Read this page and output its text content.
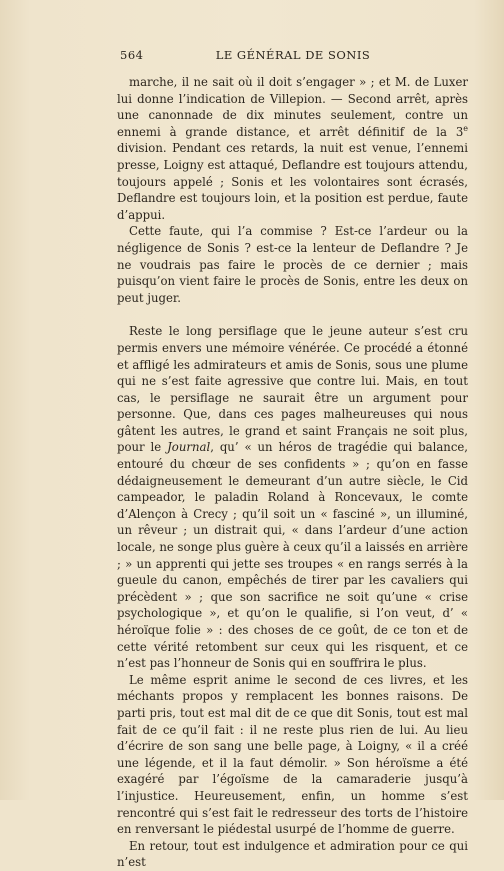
564	LE GÉNÉRAL DE SONIS

marche, il ne sait où il doit s’engager » ; et M. de Luxer lui donne l’indication de Villepion. — Second arrêt, après une canonnade de dix minutes seulement, contre un ennemi à grande distance, et arrêt définitif de la 3e division. Pendant ces retards, la nuit est venue, l’ennemi presse, Loigny est attaqué, Deflandre est toujours attendu, toujours appelé ; Sonis et les volontaires sont écrasés, Deflandre est toujours loin, et la position est perdue, faute d’appui.

Cette faute, qui l’a commise ? Est-ce l’ardeur ou la négligence de Sonis ? est-ce la lenteur de Deflandre ? Je ne voudrais pas faire le procès de ce dernier ; mais puisqu’on vient faire le procès de Sonis, entre les deux on peut juger.

Reste le long persiflage que le jeune auteur s’est cru permis envers une mémoire vénérée. Ce procédé a étonné et affligé les admirateurs et amis de Sonis, sous une plume qui ne s’est faite agressive que contre lui. Mais, en tout cas, le persiflage ne saurait être un argument pour personne. Que, dans ces pages malheureuses qui nous gâtent les autres, le grand et saint Français ne soit plus, pour le Journal, qu’ « un héros de tragédie qui balance, entouré du chœur de ses confidents » ; qu’on en fasse dédaigneusement le demeurant d’un autre siècle, le Cid campeador, le paladin Roland à Roncevaux, le comte d’Alençon à Crecy ; qu’il soit un « fasciné », un illuminé, un rêveur ; un distrait qui, « dans l’ardeur d’une action locale, ne songe plus guère à ceux qu’il a laissés en arrière ; » un apprenti qui jette ses troupes « en rangs serrés à la gueule du canon, empêchés de tirer par les cavaliers qui précèdent » ; que son sacrifice ne soit qu’une « crise psychologique », et qu’on le qualifie, si l’on veut, d’ « héroïque folie » : des choses de ce goût, de ce ton et de cette vérité retombent sur ceux qui les risquent, et ce n’est pas l’honneur de Sonis qui en souffrira le plus.

Le même esprit anime le second de ces livres, et les méchants propos y remplacent les bonnes raisons. De parti pris, tout est mal dit de ce que dit Sonis, tout est mal fait de ce qu’il fait : il ne reste plus rien de lui. Au lieu d’écrire de son sang une belle page, à Loigny, « il a créé une légende, et il la faut démolir. » Son héroïsme a été exagéré par l’égoïsme de la camaraderie jusqu’à l’injustice. Heureusement, enfin, un homme s’est rencontré qui s’est fait le redresseur des torts de l’histoire en renversant le piédestal usurpé de l’homme de guerre.

En retour, tout est indulgence et admiration pour ce qui n’est
